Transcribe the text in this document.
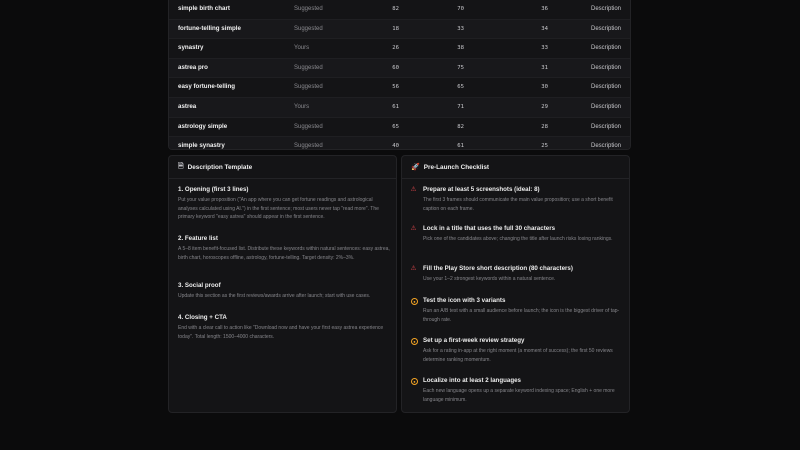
simple birth chart	Suggested	82	70	36	Description
fortune-telling simple	Suggested	18	33	34	Description
synastry	Yours	26	38	33	Description
astrea pro	Suggested	60	75	31	Description
easy fortune-telling	Suggested	56	65	30	Description
astrea	Yours	61	71	29	Description
astrology simple	Suggested	65	82	28	Description
simple synastry	Suggested	40	61	25	Description
🗎 Description Template
1. Opening (first 3 lines)
Put your value proposition ("An app where you can get fortune readings and astrological analyses calculated using AI.") in the first sentence; most users never tap "read more". The primary keyword "easy astrea" should appear in the first sentence.
2. Feature list
A 5–8 item benefit-focused list. Distribute these keywords within natural sentences: easy astrea, birth chart, horoscopes offline, astrology, fortune-telling. Target density: 2%–3%.
3. Social proof
Update this section as the first reviews/awards arrive after launch; start with use cases.
4. Closing + CTA
End with a clear call to action like "Download now and have your first easy astrea experience today". Total length: 1500–4000 characters.
🚀 Pre-Launch Checklist
⚠ Prepare at least 5 screenshots (ideal: 8)
The first 3 frames should communicate the main value proposition; use a short benefit caption on each frame.
⚠ Lock in a title that uses the full 30 characters
Pick one of the candidates above; changing the title after launch risks losing rankings.
⚠ Fill the Play Store short description (80 characters)
Use your 1–2 strongest keywords within a natural sentence.
●	Test the icon with 3 variants
Run an A/B test with a small audience before launch; the icon is the biggest driver of tap-through rate.
●	Set up a first-week review strategy
Ask for a rating in-app at the right moment (a moment of success); the first 50 reviews determine ranking momentum.
●	Localize into at least 2 languages
Each new language opens up a separate keyword indexing space; English + one more language minimum.
